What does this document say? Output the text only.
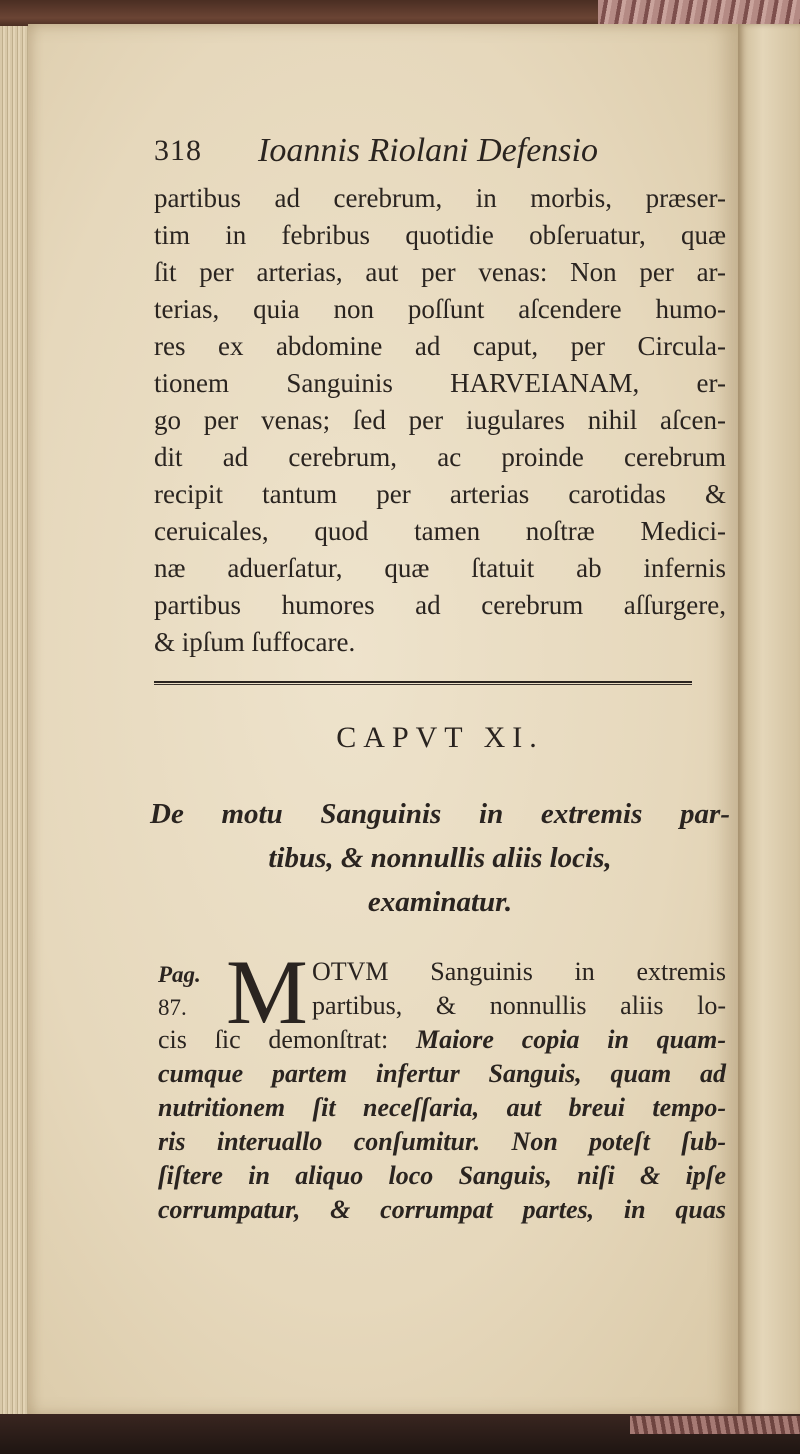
318 Ioannis Riolani Defensio
partibus ad cerebrum, in morbis, præser-
tim in febribus quotidie obſeruatur, quæ
ſit per arterias, aut per venas: Non per ar-
terias, quia non poſſunt aſcendere humo-
res ex abdomine ad caput, per Circula-
tionem Sanguinis HARVEIANAM, er-
go per venas; ſed per iugulares nihil aſcen-
dit ad cerebrum, ac proinde cerebrum
recipit tantum per arterias carotidas &
ceruicales, quod tamen noſtræ Medici-
næ aduerſatur, quæ ſtatuit ab infernis
partibus humores ad cerebrum aſſurgere,
& ipſum ſuffocare.
CAPVT XI.
De motu Sanguinis in extremis par-
tibus, & nonnullis aliis locis,
examinatur.
Pag.
87. M OTVM Sanguinis in extremis
partibus, & nonnullis aliis lo-
cis ſic demonſtrat: Maiore copia in quam-
cumque partem infertur Sanguis, quam ad
nutritionem ſit neceſſaria, aut breui tempo-
ris interuallo conſumitur. Non poteſt ſub-
ſiſtere in aliquo loco Sanguis, niſi & ipſe
corrumpatur, & corrumpat partes, in quas
